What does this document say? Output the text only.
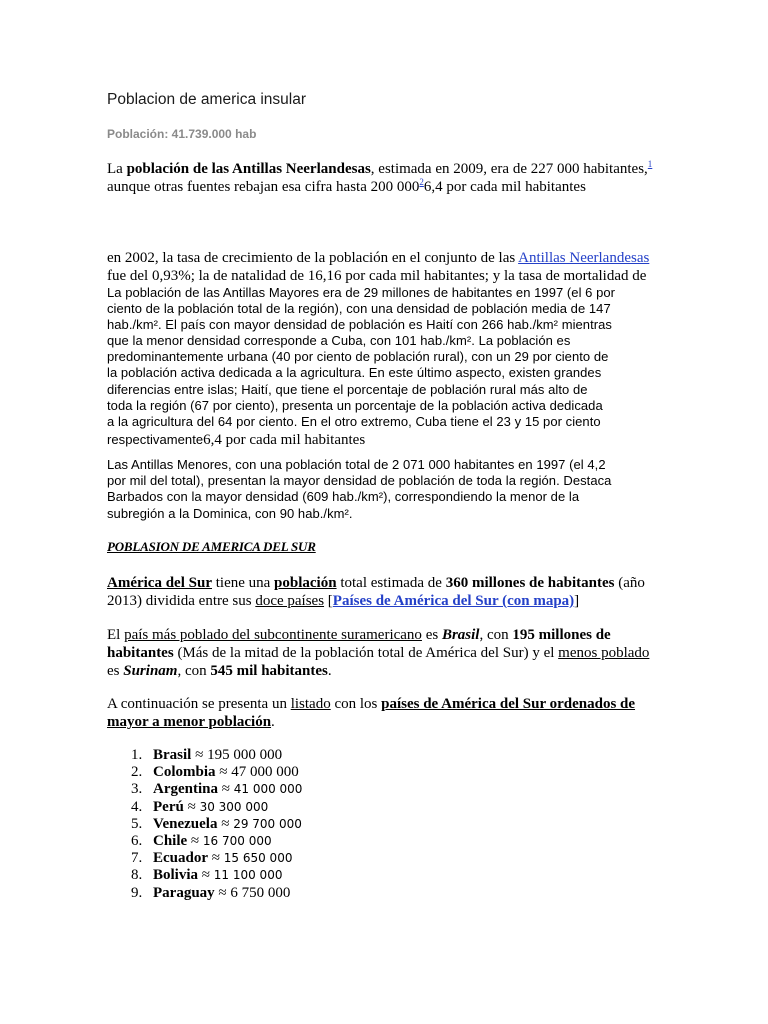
Poblacion de america insular
Población: 41.739.000 hab
La población de las Antillas Neerlandesas, estimada en 2009, era de 227 000 habitantes,$^1$
aunque otras fuentes rebajan esa cifra hasta 200 $000^26,4$ por cada mil habitantes
en 2002, la tasa de crecimiento de la población en el conjunto de las Antillas Neerlandesas
fue del 0,93%; la de natalidad de 16,16 por cada mil habitantes; y la tasa de mortalidad de
La población de las Antillas Mayores era de 29 millones de habitantes en 1997 (el 6 por
ciento de la población total de la región), con una densidad de población media de 147
hab./km². El país con mayor densidad de población es Haití con 266 hab./km² mientras
que la menor densidad corresponde a Cuba, con 101 hab./km². La población es
predominantemente urbana (40 por ciento de población rural), con un 29 por ciento de
la población activa dedicada a la agricultura. En este último aspecto, existen grandes
diferencias entre islas; Haití, que tiene el porcentaje de población rural más alto de
toda la región (67 por ciento), presenta un porcentaje de la población activa dedicada
a la agricultura del 64 por ciento. En el otro extremo, Cuba tiene el 23 y 15 por ciento
respectivamente6,4 por cada mil habitantes
Las Antillas Menores, con una población total de 2 071 000 habitantes en 1997 (el 4,2
por mil del total), presentan la mayor densidad de población de toda la región. Destaca
Barbados con la mayor densidad (609 hab./km²), correspondiendo la menor de la
subregión a la Dominica, con 90 hab./km².
POBLASION DE AMERICA DEL SUR
América del Sur tiene una población total estimada de 360 millones de habitantes (año
2013) dividida entre sus doce países [Países de América del Sur (con mapa)]
El país más poblado del subcontinente suramericano es Brasil, con 195 millones de
habitantes (Más de la mitad de la población total de América del Sur) y el menos poblado
es Surinam, con 545 mil habitantes.
A continuación se presenta un listado con los países de América del Sur ordenados de
mayor a menor población.
1. Brasil ≈ 195 000 000
2. Colombia ≈ 47 000 000
3. Argentina ≈ 41 000 000
4. Perú ≈ 30 300 000
5. Venezuela ≈ 29 700 000
6. Chile ≈ 16 700 000
7. Ecuador ≈ 15 650 000
8. Bolivia ≈ 11 100 000
9. Paraguay ≈ 6 750 000
